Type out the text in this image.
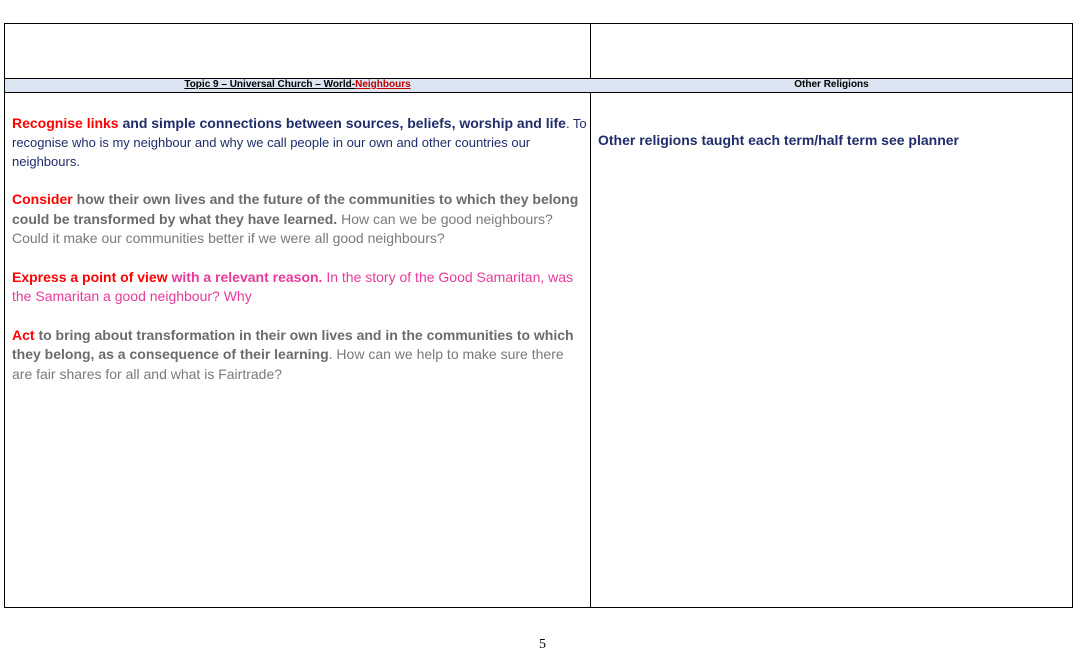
Topic 9 – Universal Church – World-Neighbours	Other Religions

Recognise links and simple connections between sources, beliefs, worship and life. To recognise who is my neighbour and why we call people in our own and other countries our neighbours.

Consider how their own lives and the future of the communities to which they belong could be transformed by what they have learned. How can we be good neighbours? Could it make our communities better if we were all good neighbours?

Express a point of view with a relevant reason. In the story of the Good Samaritan, was the Samaritan a good neighbour? Why

Act to bring about transformation in their own lives and in the communities to which they belong, as a consequence of their learning. How can we help to make sure there are fair shares for all and what is Fairtrade?

Other religions taught each term/half term see planner
5
